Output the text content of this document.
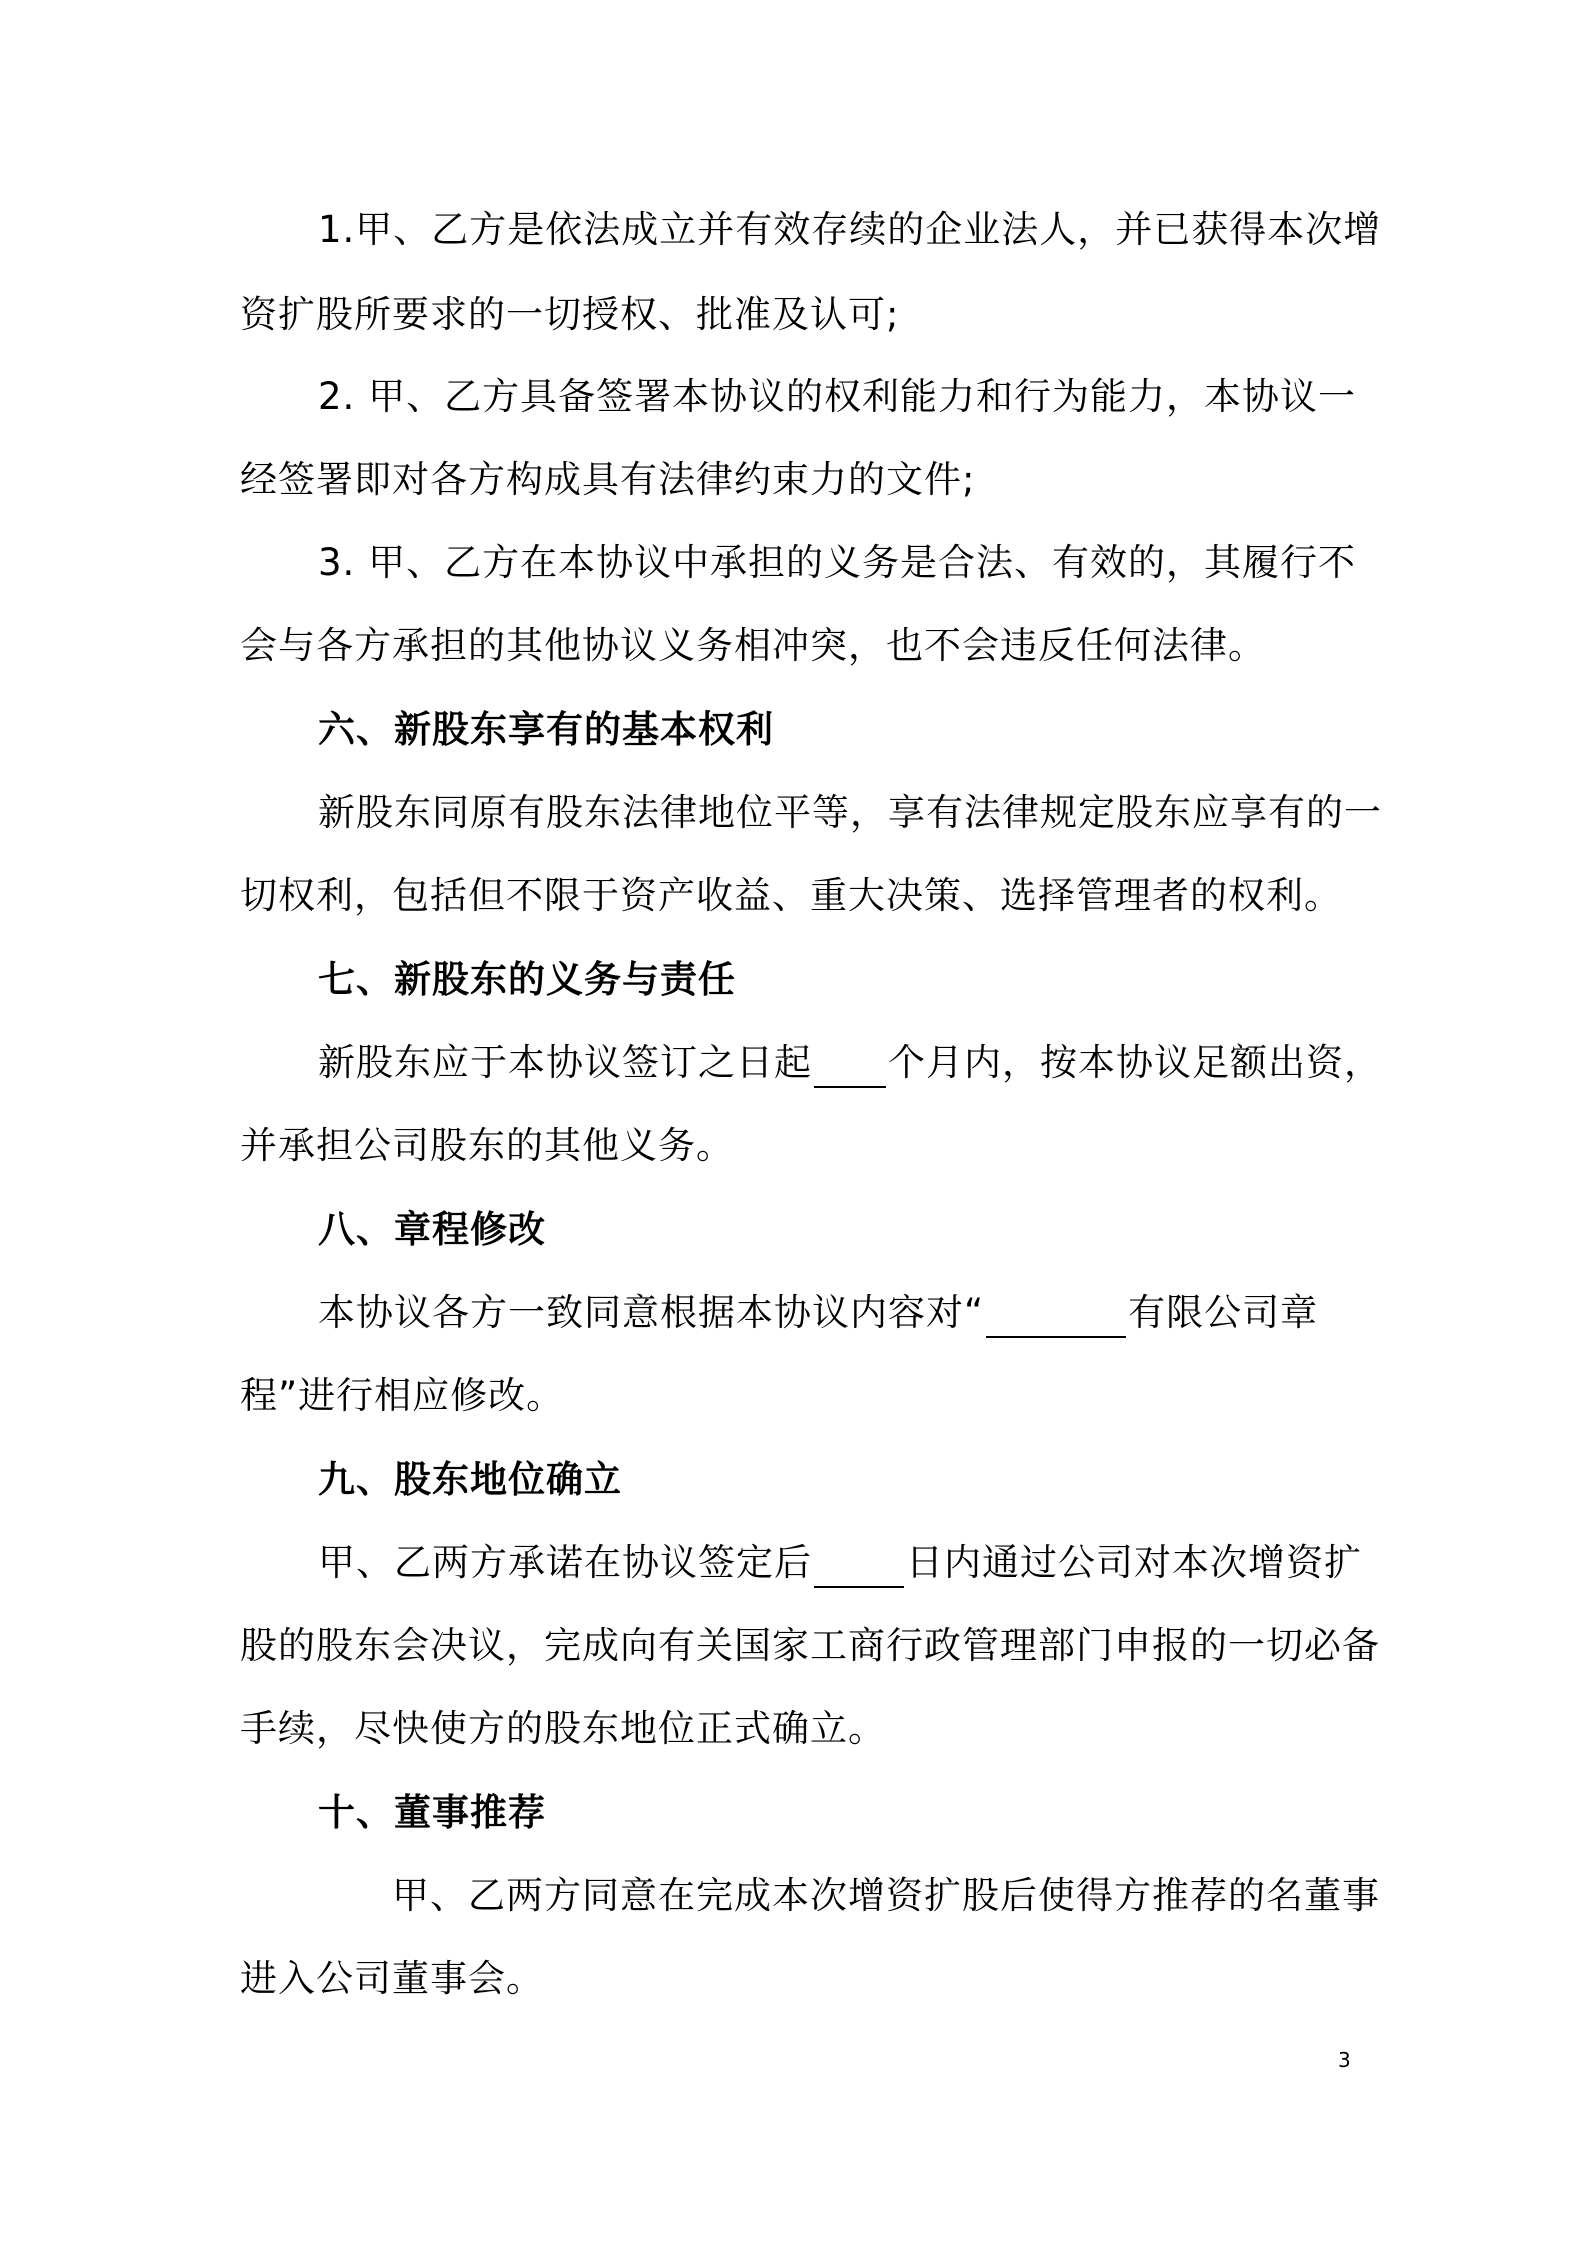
1.甲、乙方是依法成立并有效存续的企业法人，并已获得本次增
资扩股所要求的一切授权、批准及认可;
2. 甲、乙方具备签署本协议的权利能力和行为能力，本协议一
经签署即对各方构成具有法律约束力的文件;
3. 甲、乙方在本协议中承担的义务是合法、有效的，其履行不
会与各方承担的其他协议义务相冲突，也不会违反任何法律。
六、新股东享有的基本权利
新股东同原有股东法律地位平等，享有法律规定股东应享有的一
切权利，包括但不限于资产收益、重大决策、选择管理者的权利。
七、新股东的义务与责任
新股东应于本协议签订之日起 个月内，按本协议足额出资，
并承担公司股东的其他义务。
八、章程修改
本协议各方一致同意根据本协议内容对“	有限公司章
程”进行相应修改。
九、股东地位确立
甲、乙两方承诺在协议签定后	日内通过公司对本次增资扩
股的股东会决议，完成向有关国家工商行政管理部门申报的一切必备
手续，尽快使方的股东地位正式确立。
十、董事推荐
甲、乙两方同意在完成本次增资扩股后使得方推荐的名董事
进入公司董事会。
3
